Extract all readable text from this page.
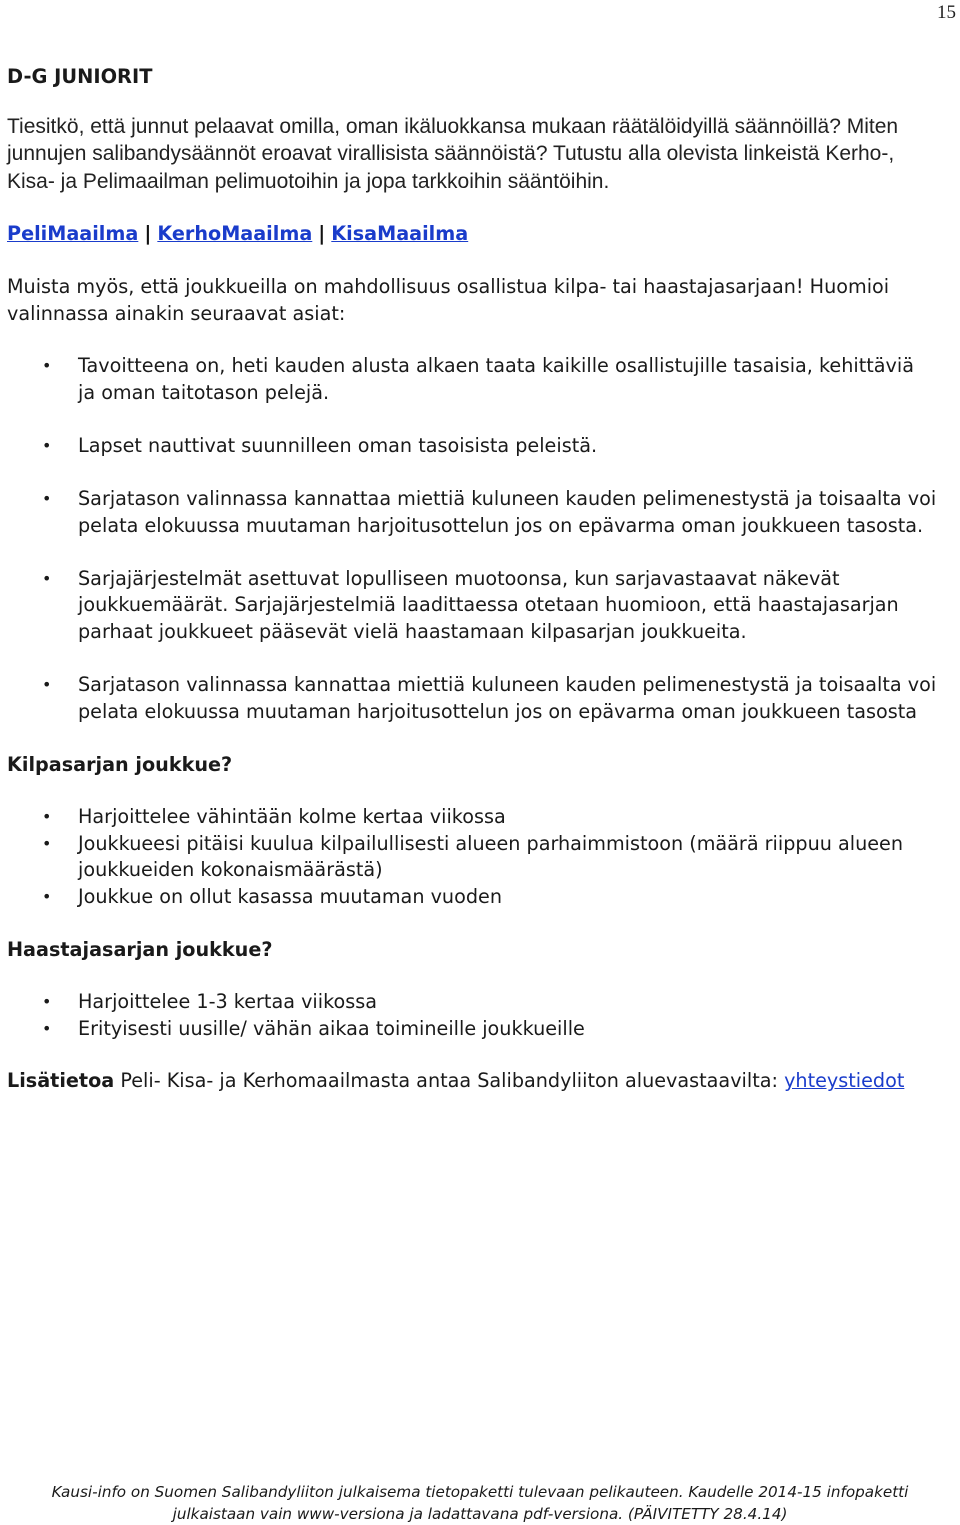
15
D-G JUNIORIT
Tiesitkö, että junnut pelaavat omilla, oman ikäluokkansa mukaan räätälöidyillä säännöillä? Miten junnujen salibandysäännöt eroavat virallisista säännöistä? Tutustu alla olevista linkeistä Kerho-, Kisa- ja Pelimaailman pelimuotoihin ja jopa tarkkoihin sääntöihin.
PeliMaailma | KerhoMaailma | KisaMaailma
Muista myös, että joukkueilla on mahdollisuus osallistua kilpa- tai haastajasarjaan! Huomioi valinnassa ainakin seuraavat asiat:
• Tavoitteena on, heti kauden alusta alkaen taata kaikille osallistujille tasaisia, kehittäviä ja oman taitotason pelejä.
• Lapset nauttivat suunnilleen oman tasoisista peleistä.
• Sarjatason valinnassa kannattaa miettiä kuluneen kauden pelimenestystä ja toisaalta voi pelata elokuussa muutaman harjoitusottelun jos on epävarma oman joukkueen tasosta.
• Sarjajärjestelmät asettuvat lopulliseen muotoonsa, kun sarjavastaavat näkevät joukkuemäärät. Sarjajärjestelmiä laadittaessa otetaan huomioon, että haastajasarjan parhaat joukkueet pääsevät vielä haastamaan kilpasarjan joukkueita.
• Sarjatason valinnassa kannattaa miettiä kuluneen kauden pelimenestystä ja toisaalta voi pelata elokuussa muutaman harjoitusottelun jos on epävarma oman joukkueen tasosta
Kilpasarjan joukkue?
• Harjoittelee vähintään kolme kertaa viikossa
• Joukkueesi pitäisi kuulua kilpailullisesti alueen parhaimmistoon (määrä riippuu alueen joukkueiden kokonaismäärästä)
• Joukkue on ollut kasassa muutaman vuoden
Haastajasarjan joukkue?
• Harjoittelee 1-3 kertaa viikossa
• Erityisesti uusille/ vähän aikaa toimineille joukkueille
Lisätietoa Peli- Kisa- ja Kerhomaailmasta antaa Salibandyliiton aluevastaavilta: yhteystiedot
Kausi-info on Suomen Salibandyliiton julkaisema tietopaketti tulevaan pelikauteen. Kaudelle 2014-15 infopaketti
julkaistaan vain www-versiona ja ladattavana pdf-versiona. (PÄIVITETTY 28.4.14)
